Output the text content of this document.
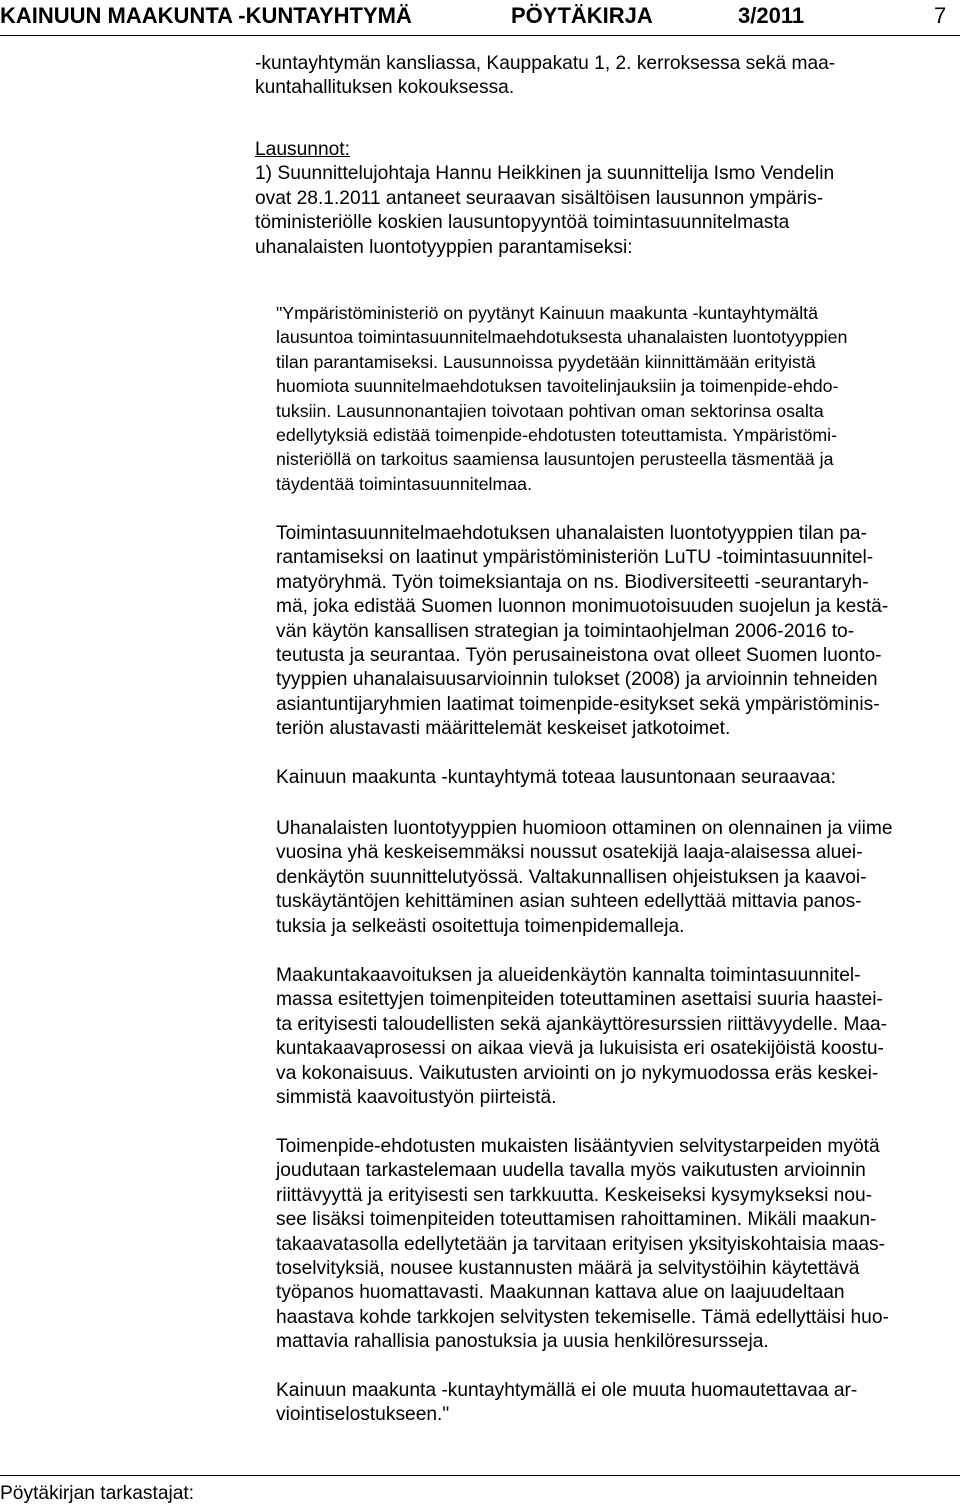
KAINUUN MAAKUNTA -KUNTAYHTYMÄ	PÖYTÄKIRJA	3/2011	7
-kuntayhtymän kansliassa, Kauppakatu 1, 2. kerroksessa sekä maa-
kuntahallituksen kokouksessa.
Lausunnot:
1) Suunnittelujohtaja Hannu Heikkinen ja suunnittelija Ismo Vendelin
ovat 28.1.2011 antaneet seuraavan sisältöisen lausunnon ympäris-
töministeriölle koskien lausuntopyyntöä toimintasuunnitelmasta
uhanalaisten luontotyyppien parantamiseksi:
"Ympäristöministeriö on pyytänyt Kainuun maakunta -kuntayhtymältä
lausuntoa toimintasuunnitelmaehdotuksesta uhanalaisten luontotyyppien
tilan parantamiseksi. Lausunnoissa pyydetään kiinnittämään erityistä
huomiota suunnitelmaehdotuksen tavoitelinjauksiin ja toimenpide-ehdo-
tuksiin. Lausunnonantajien toivotaan pohtivan oman sektorinsa osalta
edellytyksiä edistää toimenpide-ehdotusten toteuttamista. Ympäristömi-
nisteriöllä on tarkoitus saamiensa lausuntojen perusteella täsmentää ja
täydentää toimintasuunnitelmaa.
Toimintasuunnitelmaehdotuksen uhanalaisten luontotyyppien tilan pa-
rantamiseksi on laatinut ympäristöministeriön LuTU -toimintasuunnitel-
matyöryhmä. Työn toimeksiantaja on ns. Biodiversiteetti -seurantaryh-
mä, joka edistää Suomen luonnon monimuotoisuuden suojelun ja kestä-
vän käytön kansallisen strategian ja toimintaohjelman 2006-2016 to-
teutusta ja seurantaa. Työn perusaineistona ovat olleet Suomen luonto-
tyyppien uhanalaisuusarvioinnin tulokset (2008) ja arvioinnin tehneiden
asiantuntijaryhmien laatimat toimenpide-esitykset sekä ympäristöminis-
teriön alustavasti määrittelemät keskeiset jatkotoimet.
Kainuun maakunta -kuntayhtymä toteaa lausuntonaan seuraavaa:
Uhanalaisten luontotyyppien huomioon ottaminen on olennainen ja viime
vuosina yhä keskeisemmäksi noussut osatekijä laaja-alaisessa aluei-
denkäytön suunnittelutyössä. Valtakunnallisen ohjeistuksen ja kaavoi-
tuskäytäntöjen kehittäminen asian suhteen edellyttää mittavia panos-
tuksia ja selkeästi osoitettuja toimenpidemalleja.
Maakuntakaavoituksen ja alueidenkäytön kannalta toimintasuunnitel-
massa esitettyjen toimenpiteiden toteuttaminen asettaisi suuria haastei-
ta erityisesti taloudellisten sekä ajankäyttöresurssien riittävyydelle. Maa-
kuntakaavaprosessi on aikaa vievä ja lukuisista eri osatekijöistä koostu-
va kokonaisuus. Vaikutusten arviointi on jo nykymuodossa eräs keskei-
simmistä kaavoitustyön piirteistä.
Toimenpide-ehdotusten mukaisten lisääntyvien selvitystarpeiden myötä
joudutaan tarkastelemaan uudella tavalla myös vaikutusten arvioinnin
riittävyyttä ja erityisesti sen tarkkuutta. Keskeiseksi kysymykseksi nou-
see lisäksi toimenpiteiden toteuttamisen rahoittaminen. Mikäli maakun-
takaavatasolla edellytetään ja tarvitaan erityisen yksityiskohtaisia maas-
toselvityksiä, nousee kustannusten määrä ja selvitystöihin käytettävä
työpanos huomattavasti. Maakunnan kattava alue on laajuudeltaan
haastava kohde tarkkojen selvitysten tekemiselle. Tämä edellyttäisi huo-
mattavia rahallisia panostuksia ja uusia henkilöresursseja.
Kainuun maakunta -kuntayhtymällä ei ole muuta huomautettavaa ar-
viointiselostukseen."
Pöytäkirjan tarkastajat:
